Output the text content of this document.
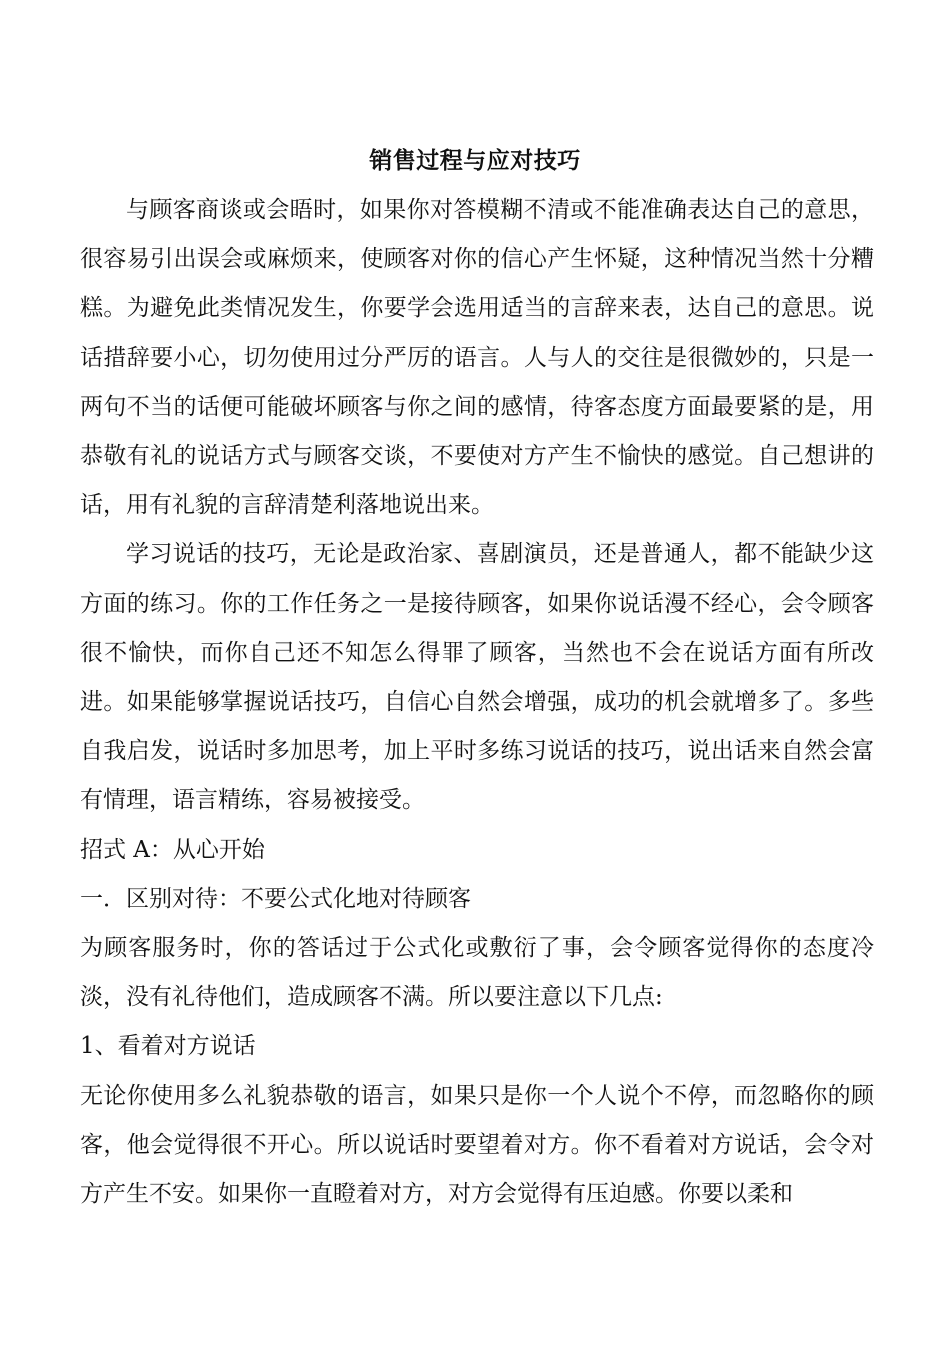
销售过程与应对技巧

与顾客商谈或会晤时，如果你对答模糊不清或不能准确表达自己的意思，很容易引出误会或麻烦来，使顾客对你的信心产生怀疑，这种情况当然十分糟糕。为避免此类情况发生，你要学会选用适当的言辞来表，达自己的意思。说话措辞要小心，切勿使用过分严厉的语言。人与人的交往是很微妙的，只是一两句不当的话便可能破坏顾客与你之间的感情，待客态度方面最要紧的是，用恭敬有礼的说话方式与顾客交谈，不要使对方产生不愉快的感觉。自己想讲的话，用有礼貌的言辞清楚利落地说出来。

学习说话的技巧，无论是政治家、喜剧演员，还是普通人，都不能缺少这方面的练习。你的工作任务之一是接待顾客，如果你说话漫不经心，会令顾客很不愉快，而你自己还不知怎么得罪了顾客，当然也不会在说话方面有所改进。如果能够掌握说话技巧，自信心自然会增强，成功的机会就增多了。多些自我启发，说话时多加思考，加上平时多练习说话的技巧，说出话来自然会富有情理，语言精练，容易被接受。

招式 A：从心开始

一．区别对待：不要公式化地对待顾客

为顾客服务时，你的答话过于公式化或敷衍了事，会令顾客觉得你的态度冷淡，没有礼待他们，造成顾客不满。所以要注意以下几点:

1、看着对方说话

无论你使用多么礼貌恭敬的语言，如果只是你一个人说个不停，而忽略你的顾客，他会觉得很不开心。所以说话时要望着对方。你不看着对方说话，会令对方产生不安。如果你一直瞪着对方，对方会觉得有压迫感。你要以柔和
